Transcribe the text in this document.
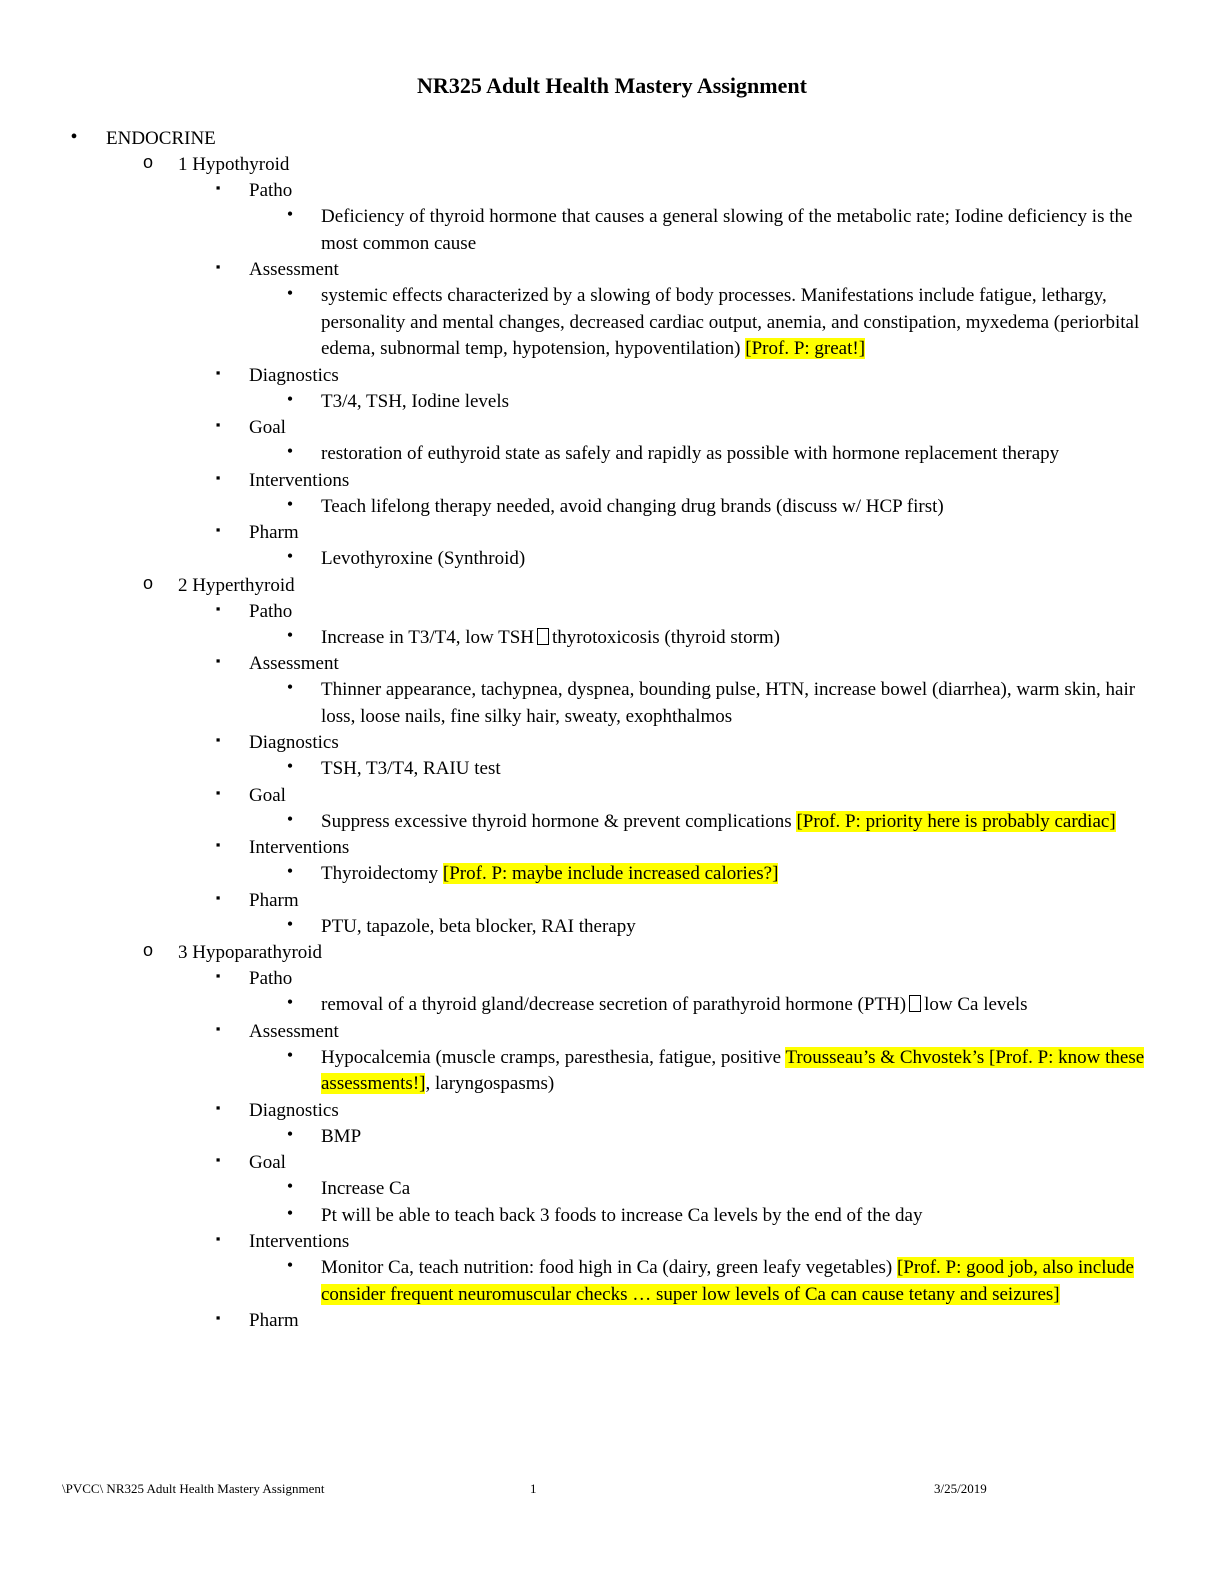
NR325 Adult Health Mastery Assignment
•	ENDOCRINE
o 1 Hypothyroid
▪	Patho
•	Deficiency of thyroid hormone that causes a general slowing of the metabolic rate; Iodine deficiency is the most common cause
▪	Assessment
•	systemic effects characterized by a slowing of body processes. Manifestations include fatigue, lethargy, personality and mental changes, decreased cardiac output, anemia, and constipation, myxedema (periorbital edema, subnormal temp, hypotension, hypoventilation) [Prof. P: great!]
▪	Diagnostics
•	T3/4, TSH, Iodine levels
▪	Goal
•	restoration of euthyroid state as safely and rapidly as possible with hormone replacement therapy
▪	Interventions
•	Teach lifelong therapy needed, avoid changing drug brands (discuss w/ HCP first)
▪	Pharm
•	Levothyroxine (Synthroid)
o 2 Hyperthyroid
▪	Patho
•	Increase in T3/T4, low TSH thyrotoxicosis (thyroid storm)
▪	Assessment
•	Thinner appearance, tachypnea, dyspnea, bounding pulse, HTN, increase bowel (diarrhea), warm skin, hair loss, loose nails, fine silky hair, sweaty, exophthalmos
▪	Diagnostics
•	TSH, T3/T4, RAIU test
▪	Goal
•	Suppress excessive thyroid hormone & prevent complications [Prof. P: priority here is probably cardiac]
▪	Interventions
•	Thyroidectomy [Prof. P: maybe include increased calories?]
▪	Pharm
•	PTU, tapazole, beta blocker, RAI therapy
o 3 Hypoparathyroid
▪	Patho
•	removal of a thyroid gland/decrease secretion of parathyroid hormone (PTH) low Ca levels
▪	Assessment
•	Hypocalcemia (muscle cramps, paresthesia, fatigue, positive Trousseau’s & Chvostek’s [Prof. P: know these assessments!], laryngospasms)
▪	Diagnostics
•	BMP
▪	Goal
•	Increase Ca
•	Pt will be able to teach back 3 foods to increase Ca levels by the end of the day
▪	Interventions
•	Monitor Ca, teach nutrition: food high in Ca (dairy, green leafy vegetables) [Prof. P: good job, also include consider frequent neuromuscular checks … super low levels of Ca can cause tetany and seizures]
▪	Pharm
\PVCC\ NR325 Adult Health Mastery Assignment	1	3/25/2019
